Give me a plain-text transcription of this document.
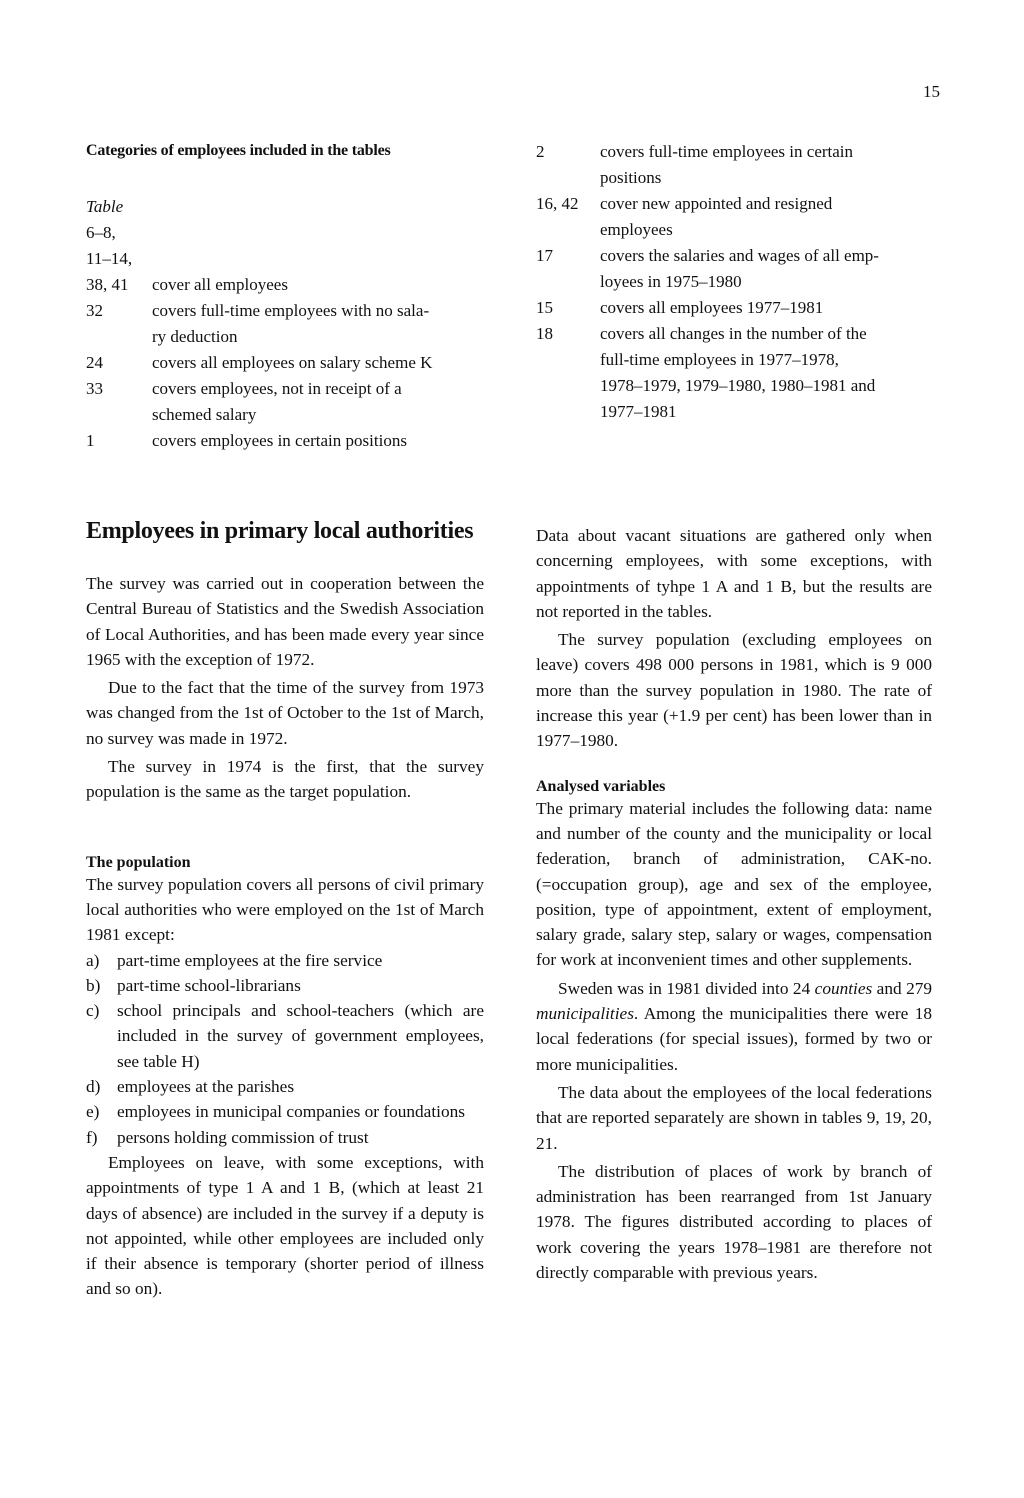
15
Categories of employees included in the tables
Table
6–8,
11–14,
38, 41	cover all employees
32	covers full-time employees with no sala-
ry deduction
24	covers all employees on salary scheme K
33	covers employees, not in receipt of a
schemed salary
1	covers employees in certain positions
2	covers full-time employees in certain
positions
16, 42	cover new appointed and resigned
employees
17	covers the salaries and wages of all emp-
loyees in 1975–1980
15	covers all employees 1977–1981
18	covers all changes in the number of the
full-time employees in 1977–1978,
1978–1979, 1979–1980, 1980–1981 and
1977–1981
Employees in primary local authorities

The survey was carried out in cooperation between the Central Bureau of Statistics and the Swedish Association of Local Authorities, and has been made every year since 1965 with the exception of 1972.

Due to the fact that the time of the survey from 1973 was changed from the 1st of October to the 1st of March, no survey was made in 1972.

The survey in 1974 is the first, that the survey population is the same as the target population.

The population

The survey population covers all persons of civil primary local authorities who were employed on the 1st of March 1981 except:

a)	part-time employees at the fire service
b) part-time school-librarians
c)	school principals and school-teachers (which are included in the survey of government employees, see table H)
d) employees at the parishes
e)	employees in municipal companies or foundations
f)	persons holding commission of trust

Employees on leave, with some exceptions, with appointments of type 1 A and 1 B, (which at least 21 days of absence) are included in the survey if a deputy is not appointed, while other employees are included only if their absence is temporary (shorter period of illness and so on).

Data about vacant situations are gathered only when concerning employees, with some exceptions, with appointments of tyhpe 1 A and 1 B, but the results are not reported in the tables.

The survey population (excluding employees on leave) covers 498 000 persons in 1981, which is 9 000 more than the survey population in 1980. The rate of increase this year (+1.9 per cent) has been lower than in 1977–1980.

Analysed variables

The primary material includes the following data: name and number of the county and the municipality or local federation, branch of administration, CAK-no. (=occupation group), age and sex of the employee, position, type of appointment, extent of employment, salary grade, salary step, salary or wages, compensation for work at inconvenient times and other supplements.

Sweden was in 1981 divided into 24 counties and 279 municipalities. Among the municipalities there were 18 local federations (for special issues), formed by two or more municipalities.

The data about the employees of the local federations that are reported separately are shown in tables 9, 19, 20, 21.

The distribution of places of work by branch of administration has been rearranged from 1st January 1978. The figures distributed according to places of work covering the years 1978–1981 are therefore not directly comparable with previous years.
